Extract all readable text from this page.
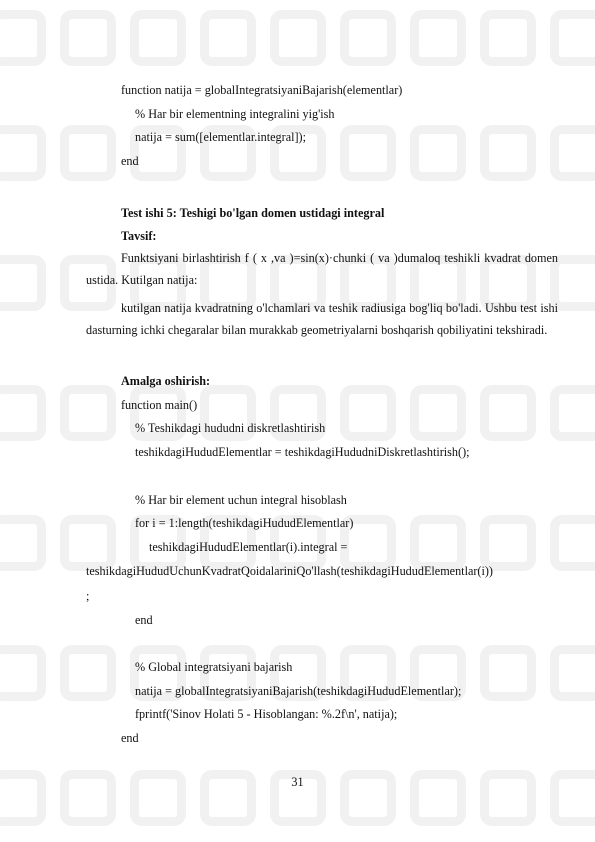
function natija = globalIntegratsiyaniBajarish(elementlar)
% Har bir elementning integralini yig'ish
natija = sum([elementlar.integral]);
end
Test ishi 5: Teshigi bo'lgan domen ustidagi integral
Tavsif:
Funktsiyani birlashtirish f ( x ,va )=sin(x)·chunki ( va )dumaloq teshikli kvadrat domen ustida. Kutilgan natija:
kutilgan natija kvadratning o'lchamlari va teshik radiusiga bog'liq bo'ladi. Ushbu test ishi dasturning ichki chegaralar bilan murakkab geometriyalarni boshqarish qobiliyatini tekshiradi.
Amalga oshirish:
function main()
% Teshikdagi hududni diskretlashtirish
teshikdagiHududElementlar = teshikdagiHududniDiskretlashtirish();
% Har bir element uchun integral hisoblash
for i = 1:length(teshikdagiHududElementlar)
teshikdagiHududElementlar(i).integral =
teshikdagiHududUchunKvadratQoidalariniQo'llash(teshikdagiHududElementlar(i))
;
end
% Global integratsiyani bajarish
natija = globalIntegratsiyaniBajarish(teshikdagiHududElementlar);
fprintf('Sinov Holati 5 - Hisoblangan: %.2f\n', natija);
end
31
